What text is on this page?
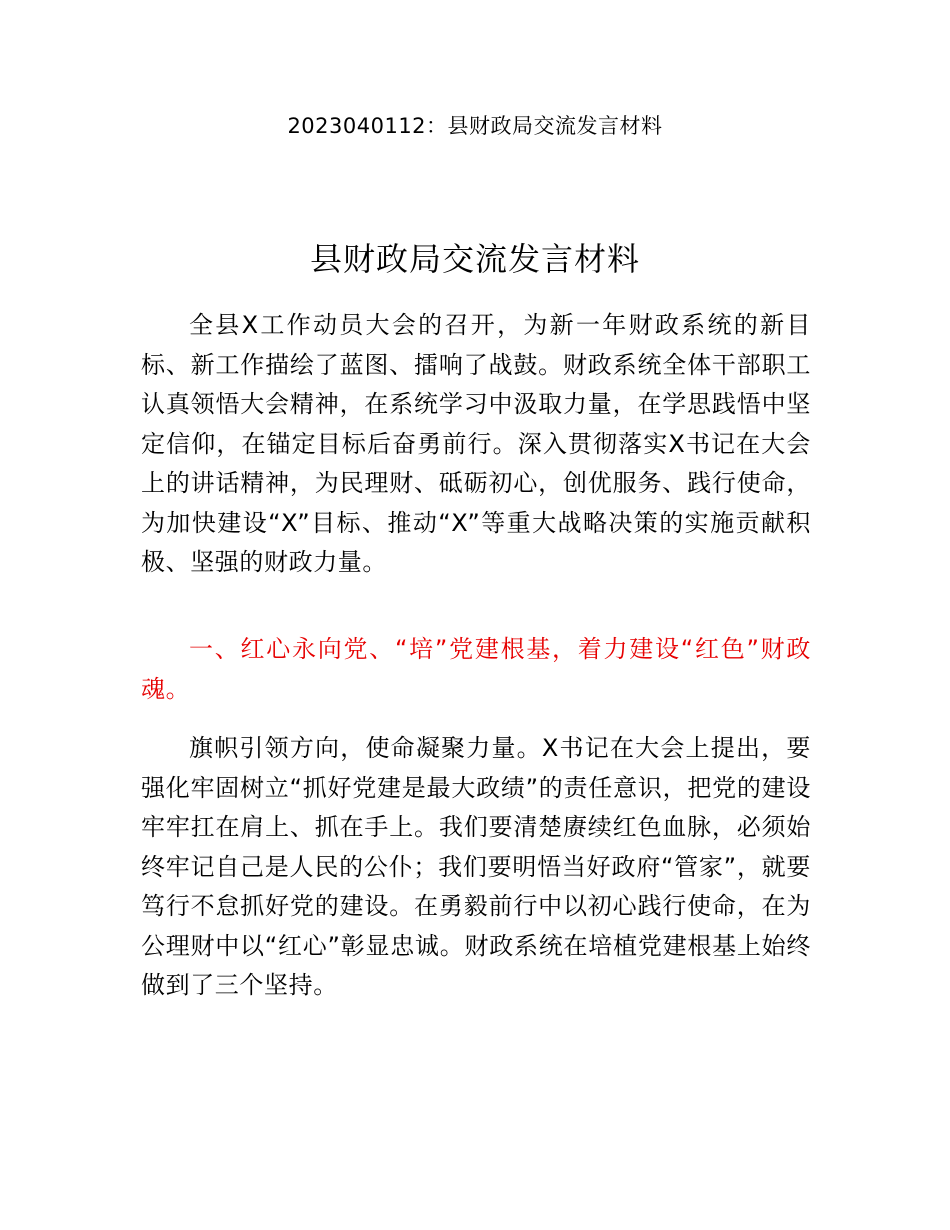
2023040112：县财政局交流发言材料
县财政局交流发言材料

全县X工作动员大会的召开，为新一年财政系统的新目标、新工作描绘了蓝图、擂响了战鼓。财政系统全体干部职工认真领悟大会精神，在系统学习中汲取力量，在学思践悟中坚定信仰，在锚定目标后奋勇前行。深入贯彻落实X书记在大会上的讲话精神，为民理财、砥砺初心，创优服务、践行使命，为加快建设“X”目标、推动“X”等重大战略决策的实施贡献积极、坚强的财政力量。

一、红心永向党、“培”党建根基，着力建设“红色”财政魂。

旗帜引领方向，使命凝聚力量。X书记在大会上提出，要强化牢固树立“抓好党建是最大政绩”的责任意识，把党的建设牢牢扛在肩上、抓在手上。我们要清楚赓续红色血脉，必须始终牢记自己是人民的公仆；我们要明悟当好政府“管家”，就要笃行不怠抓好党的建设。在勇毅前行中以初心践行使命，在为公理财中以“红心”彰显忠诚。财政系统在培植党建根基上始终做到了三个坚持。
